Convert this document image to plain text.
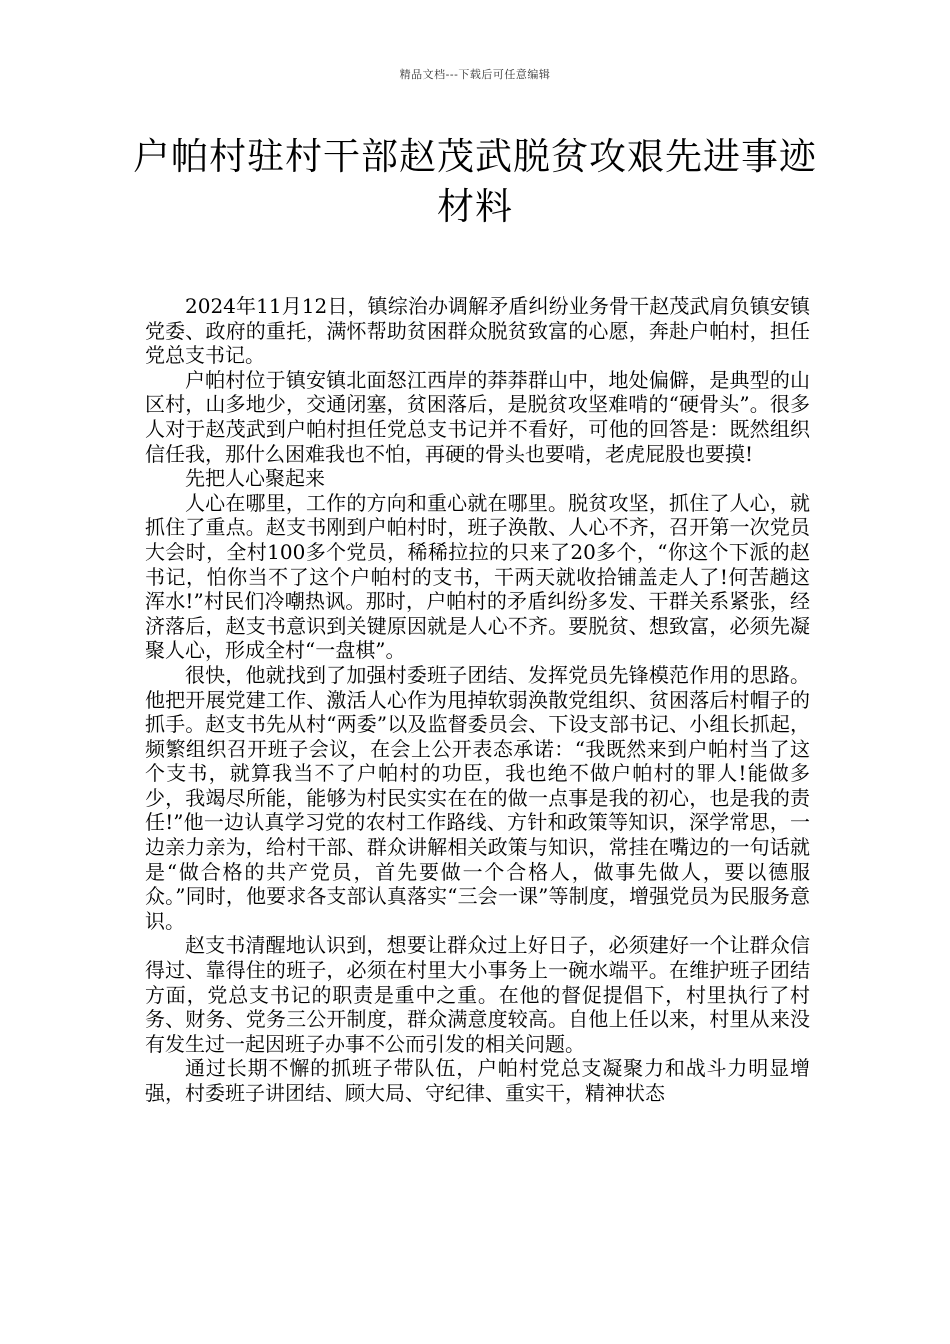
精品文档---下载后可任意编辑
户帕村驻村干部赵茂武脱贫攻艰先进事迹材料

2024年11月12日，镇综治办调解矛盾纠纷业务骨干赵茂武肩负镇安镇党委、政府的重托，满怀帮助贫困群众脱贫致富的心愿，奔赴户帕村，担任党总支书记。

户帕村位于镇安镇北面怒江西岸的莽莽群山中，地处偏僻，是典型的山区村，山多地少，交通闭塞，贫困落后，是脱贫攻坚难啃的“硬骨头”。很多人对于赵茂武到户帕村担任党总支书记并不看好，可他的回答是：既然组织信任我，那什么困难我也不怕，再硬的骨头也要啃，老虎屁股也要摸!

先把人心聚起来

人心在哪里，工作的方向和重心就在哪里。脱贫攻坚，抓住了人心，就抓住了重点。赵支书刚到户帕村时，班子涣散、人心不齐，召开第一次党员大会时，全村100多个党员，稀稀拉拉的只来了20多个，“你这个下派的赵书记，怕你当不了这个户帕村的支书，干两天就收拾铺盖走人了!何苦趟这浑水!”村民们冷嘲热讽。那时，户帕村的矛盾纠纷多发、干群关系紧张，经济落后，赵支书意识到关键原因就是人心不齐。要脱贫、想致富，必须先凝聚人心，形成全村“一盘棋”。

很快，他就找到了加强村委班子团结、发挥党员先锋模范作用的思路。他把开展党建工作、激活人心作为甩掉软弱涣散党组织、贫困落后村帽子的抓手。赵支书先从村“两委”以及监督委员会、下设支部书记、小组长抓起，频繁组织召开班子会议，在会上公开表态承诺：“我既然来到户帕村当了这个支书，就算我当不了户帕村的功臣，我也绝不做户帕村的罪人!能做多少，我竭尽所能，能够为村民实实在在的做一点事是我的初心，也是我的责任!”他一边认真学习党的农村工作路线、方针和政策等知识，深学常思，一边亲力亲为，给村干部、群众讲解相关政策与知识，常挂在嘴边的一句话就是“做合格的共产党员，首先要做一个合格人，做事先做人，要以德服众。”同时，他要求各支部认真落实“三会一课”等制度，增强党员为民服务意识。

赵支书清醒地认识到，想要让群众过上好日子，必须建好一个让群众信得过、靠得住的班子，必须在村里大小事务上一碗水端平。在维护班子团结方面，党总支书记的职责是重中之重。在他的督促提倡下，村里执行了村务、财务、党务三公开制度，群众满意度较高。自他上任以来，村里从来没有发生过一起因班子办事不公而引发的相关问题。

通过长期不懈的抓班子带队伍，户帕村党总支凝聚力和战斗力明显增强，村委班子讲团结、顾大局、守纪律、重实干，精神状态
